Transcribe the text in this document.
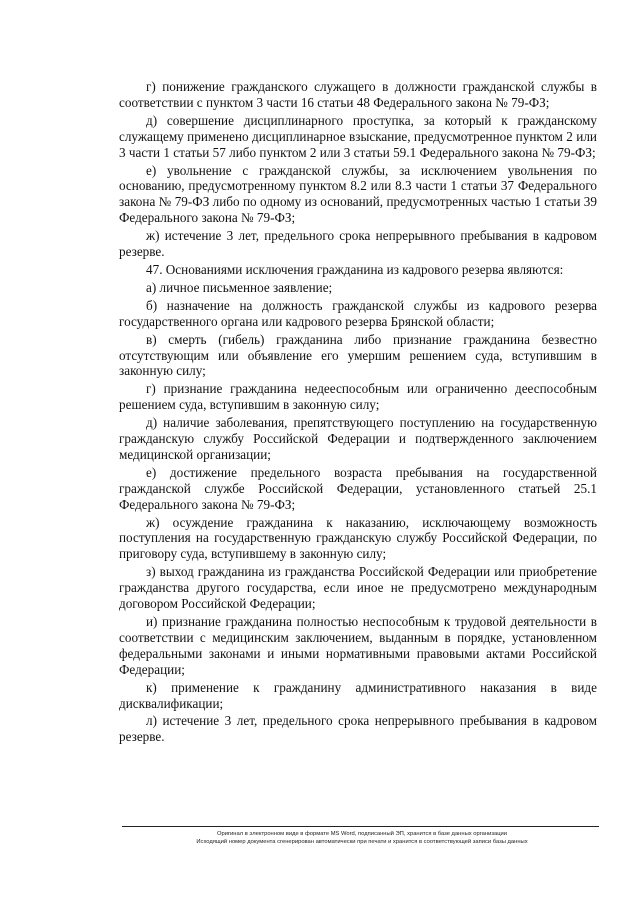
г) понижение гражданского служащего в должности гражданской службы в соответствии с пунктом 3 части 16 статьи 48 Федерального закона № 79-ФЗ;

д) совершение дисциплинарного проступка, за который к гражданскому служащему применено дисциплинарное взыскание, предусмотренное пунктом 2 или 3 части 1 статьи 57 либо пунктом 2 или 3 статьи 59.1 Федерального закона № 79-ФЗ;

е) увольнение с гражданской службы, за исключением увольнения по основанию, предусмотренному пунктом 8.2 или 8.3 части 1 статьи 37 Федерального закона № 79-ФЗ либо по одному из оснований, предусмотренных частью 1 статьи 39 Федерального закона № 79-ФЗ;

ж) истечение 3 лет, предельного срока непрерывного пребывания в кадровом резерве.

47. Основаниями исключения гражданина из кадрового резерва являются:

а) личное письменное заявление;

б) назначение на должность гражданской службы из кадрового резерва государственного органа или кадрового резерва Брянской области;

в) смерть (гибель) гражданина либо признание гражданина безвестно отсутствующим или объявление его умершим решением суда, вступившим в законную силу;

г) признание гражданина недееспособным или ограниченно дееспособным решением суда, вступившим в законную силу;

д) наличие заболевания, препятствующего поступлению на государственную гражданскую службу Российской Федерации и подтвержденного заключением медицинской организации;

е) достижение предельного возраста пребывания на государственной гражданской службе Российской Федерации, установленного статьей 25.1 Федерального закона № 79-ФЗ;

ж) осуждение гражданина к наказанию, исключающему возможность поступления на государственную гражданскую службу Российской Федерации, по приговору суда, вступившему в законную силу;

з) выход гражданина из гражданства Российской Федерации или приобретение гражданства другого государства, если иное не предусмотрено международным договором Российской Федерации;

и) признание гражданина полностью неспособным к трудовой деятельности в соответствии с медицинским заключением, выданным в порядке, установленном федеральными законами и иными нормативными правовыми актами Российской Федерации;

к) применение к гражданину административного наказания в виде дисквалификации;

л) истечение 3 лет, предельного срока непрерывного пребывания в кадровом резерве.

Оригинал в электронном виде в формате MS Word, подписанный ЭП, хранится в базе данных организации
Исходящий номер документа сгенерирован автоматически при печати и хранится в соответствующей записи базы данных
